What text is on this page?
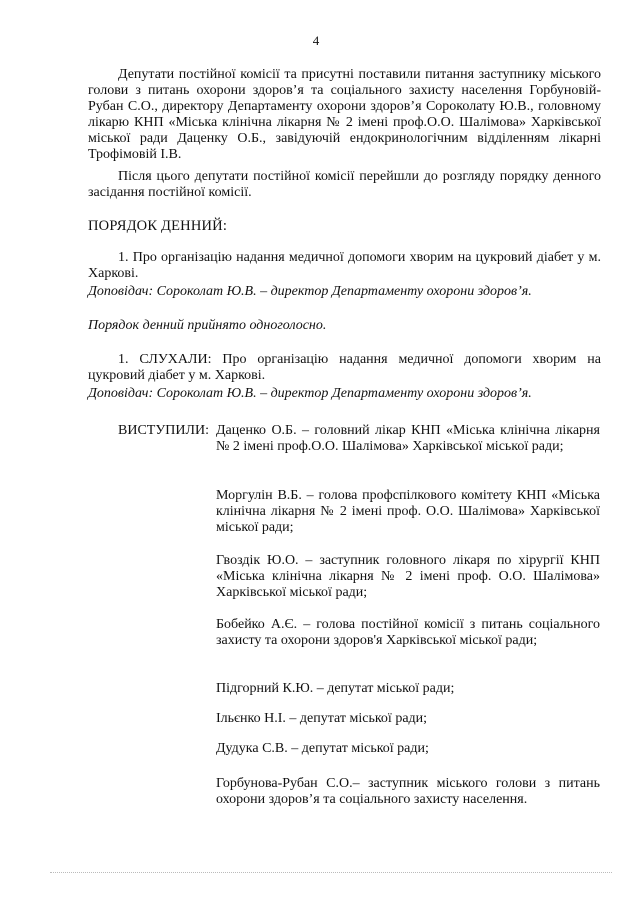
4
Депутати постійної комісії та присутні поставили питання заступнику міського голови з питань охорони здоров’я та соціального захисту населення Горбуновій-Рубан С.О., директору Департаменту охорони здоров’я Сороколату Ю.В., головному лікарю КНП «Міська клінічна лікарня № 2 імені проф.О.О. Шалімова» Харківської міської ради Даценку О.Б., завідуючій ендокринологічним відділенням лікарні Трофімовій І.В.
Після цього депутати постійної комісії перейшли до розгляду порядку денного засідання постійної комісії.
ПОРЯДОК ДЕННИЙ:
1. Про організацію надання медичної допомоги хворим на цукровий діабет у м. Харкові.
Доповідач: Сороколат Ю.В. – директор Департаменту охорони здоров’я.
Порядок денний прийнято одноголосно.
1. СЛУХАЛИ: Про організацію надання медичної допомоги хворим на цукровий діабет у м. Харкові.
Доповідач: Сороколат Ю.В. – директор Департаменту охорони здоров’я.
ВИСТУПИЛИ: Даценко О.Б. – головний лікар КНП «Міська клінічна лікарня № 2 імені проф.О.О. Шалімова» Харківської міської ради;
Моргулін В.Б. – голова профспілкового комітету КНП «Міська клінічна лікарня № 2 імені проф. О.О. Шалімова» Харківської міської ради;
Гвоздік Ю.О. – заступник головного лікаря по хірургії КНП «Міська клінічна лікарня № 2 імені проф. О.О. Шалімова» Харківської міської ради;
Бобейко А.Є. – голова постійної комісії з питань соціального захисту та охорони здоров'я Харківської міської ради;
Підгорний К.Ю. – депутат міської ради;
Ільєнко Н.І. – депутат міської ради;
Дудука С.В. – депутат міської ради;
Горбунова-Рубан С.О.– заступник міського голови з питань охорони здоров’я та соціального захисту населення.
